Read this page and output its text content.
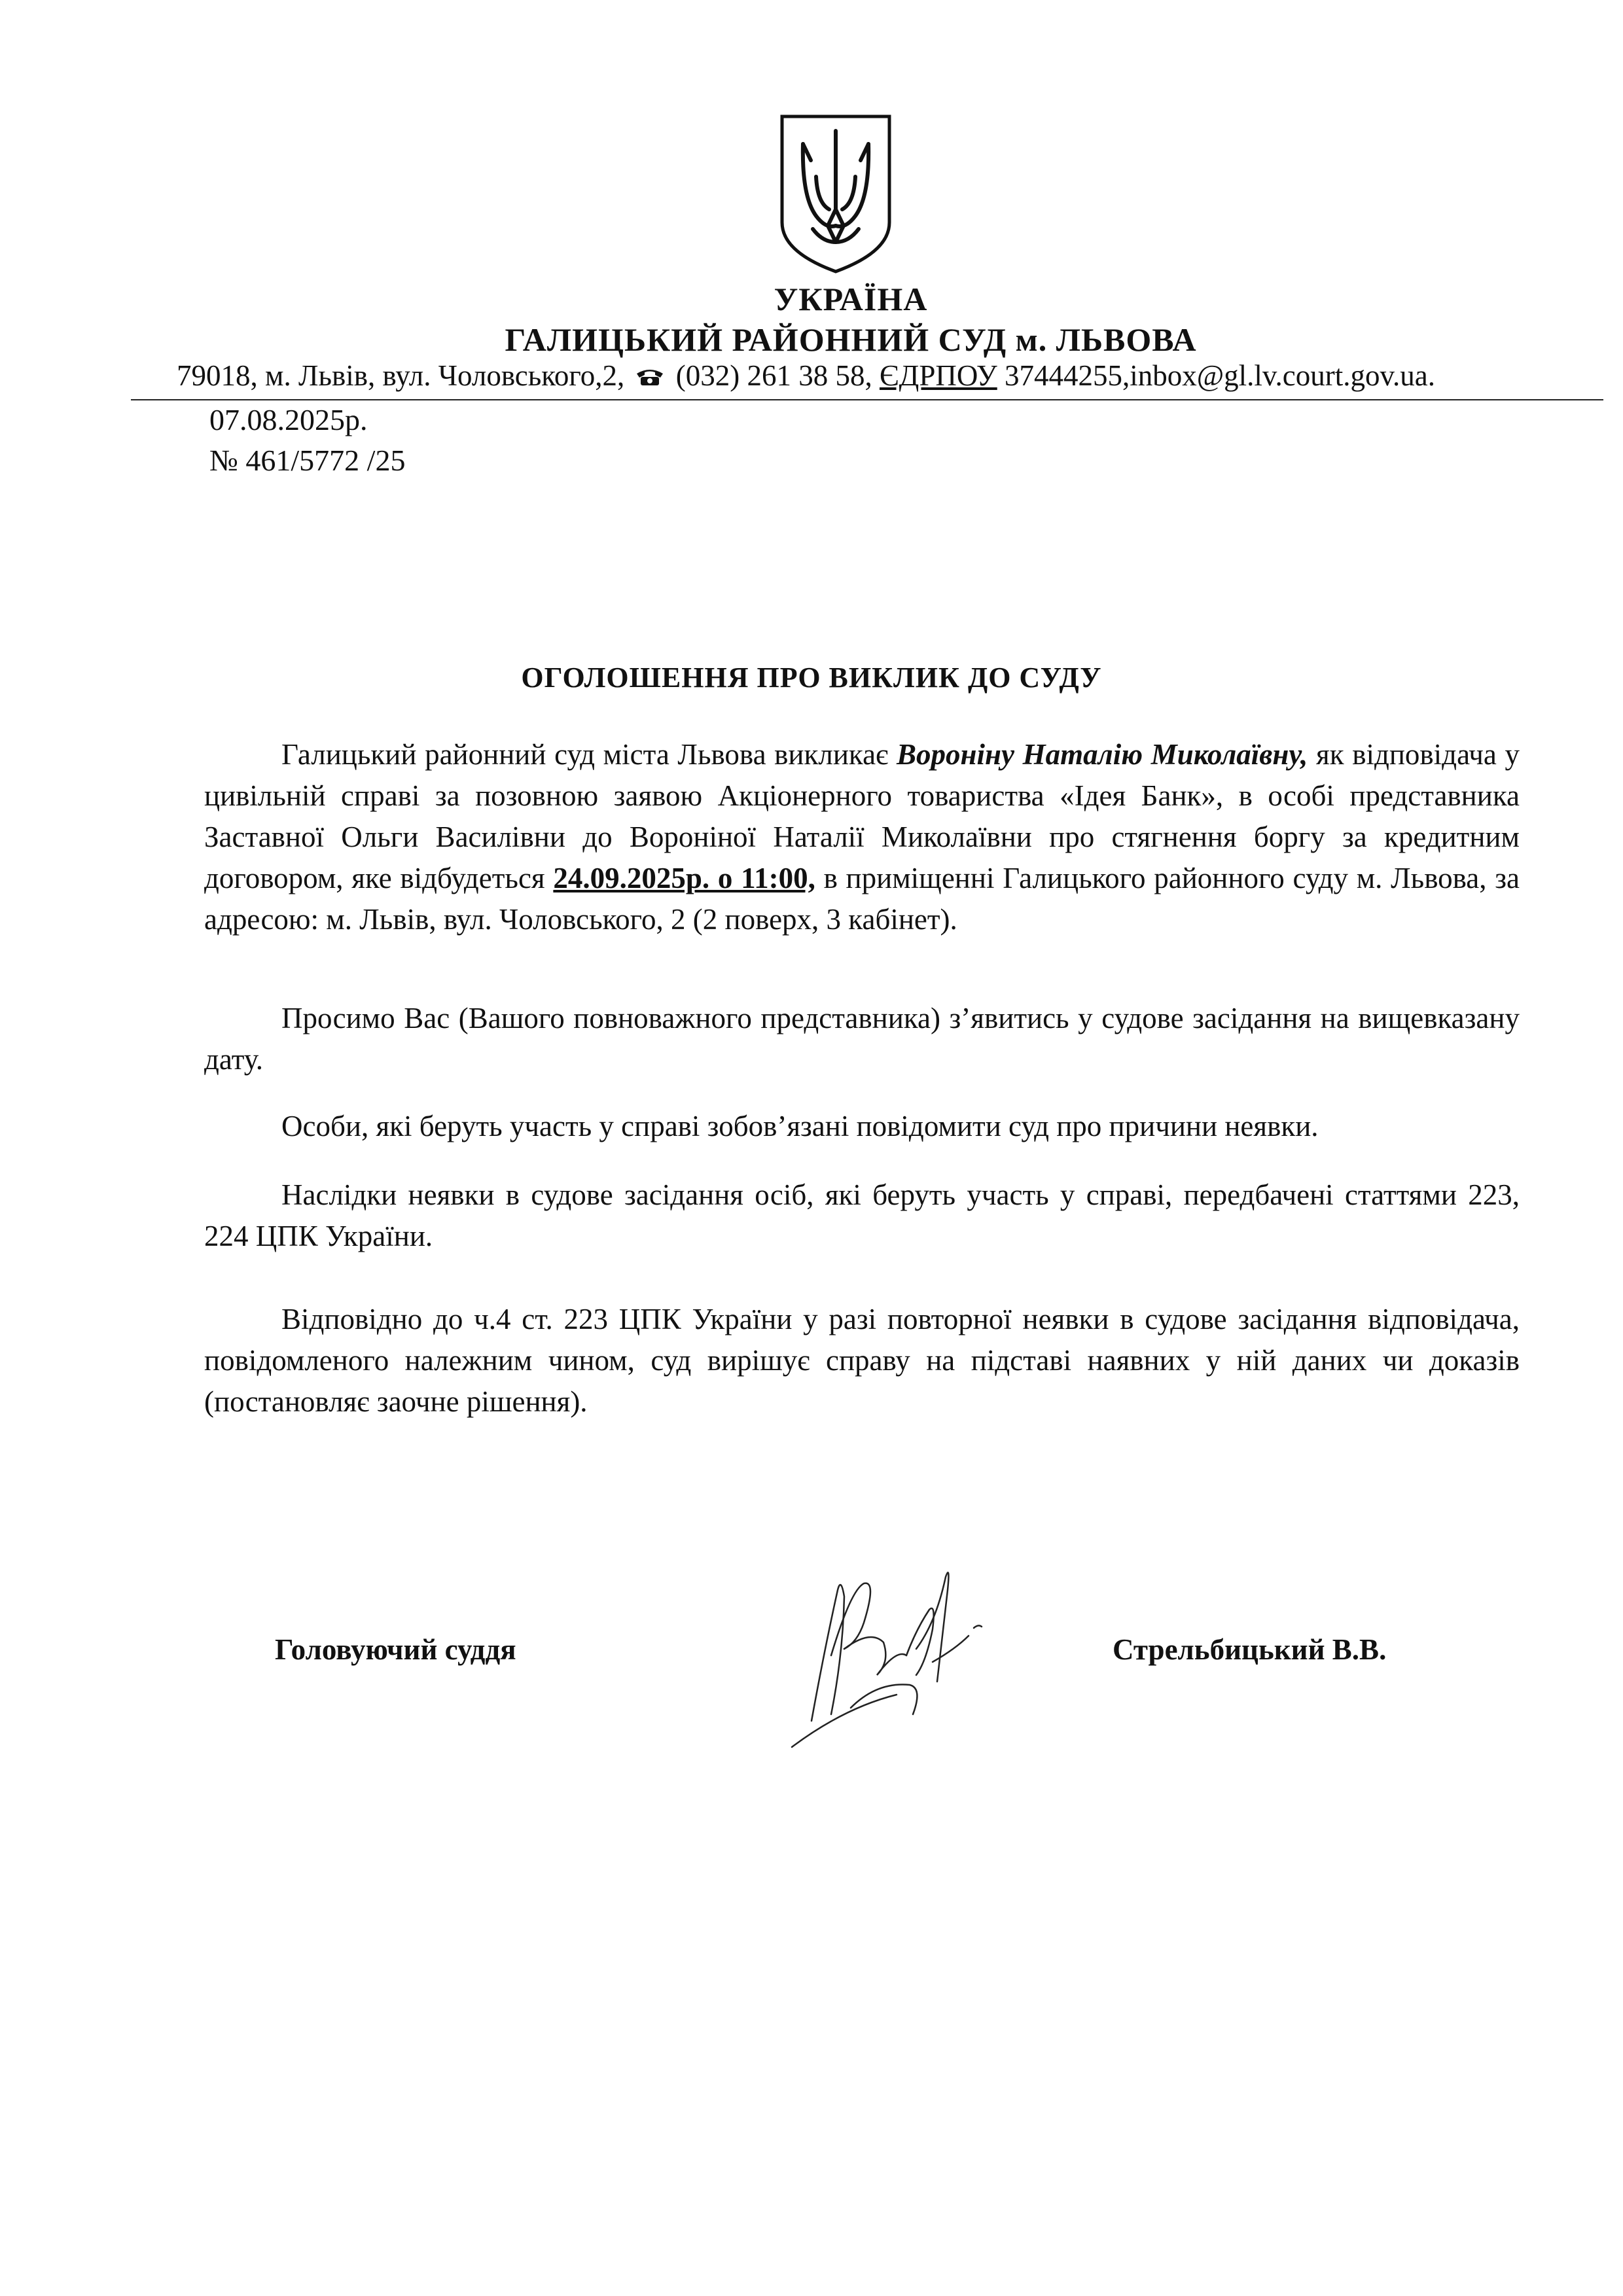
УКРАЇНА
ГАЛИЦЬКИЙ РАЙОННИЙ СУД м. ЛЬВОВА
79018, м. Львів, вул. Чоловського,2, (032) 261 38 58, ЄДРПОУ 37444255,inbox@gl.lv.court.gov.ua.
07.08.2025р.
№ 461/5772 /25
ОГОЛОШЕННЯ ПРО ВИКЛИК ДО СУДУ

Галицький районний суд міста Львова викликає Вороніну Наталію Миколаївну, як відповідача у цивільній справі за позовною заявою Акціонерного товариства «Ідея Банк», в особі представника Заставної Ольги Василівни до Вороніної Наталії Миколаївни про стягнення боргу за кредитним договором, яке відбудеться 24.09.2025р. о 11:00, в приміщенні Галицького районного суду м. Львова, за адресою: м. Львів, вул. Чоловського, 2 (2 поверх, 3 кабінет).

Просимо Вас (Вашого повноважного представника) з’явитись у судове засідання на вищевказану дату.

Особи, які беруть участь у справі зобов’язані повідомити суд про причини неявки.

Наслідки неявки в судове засідання осіб, які беруть участь у справі, передбачені статтями 223, 224 ЦПК України.

Відповідно до ч.4 ст. 223 ЦПК України у разі повторної неявки в судове засідання відповідача, повідомленого належним чином, суд вирішує справу на підставі наявних у ній даних чи доказів (постановляє заочне рішення).

Головуючий суддя	Стрельбицький В.В.
